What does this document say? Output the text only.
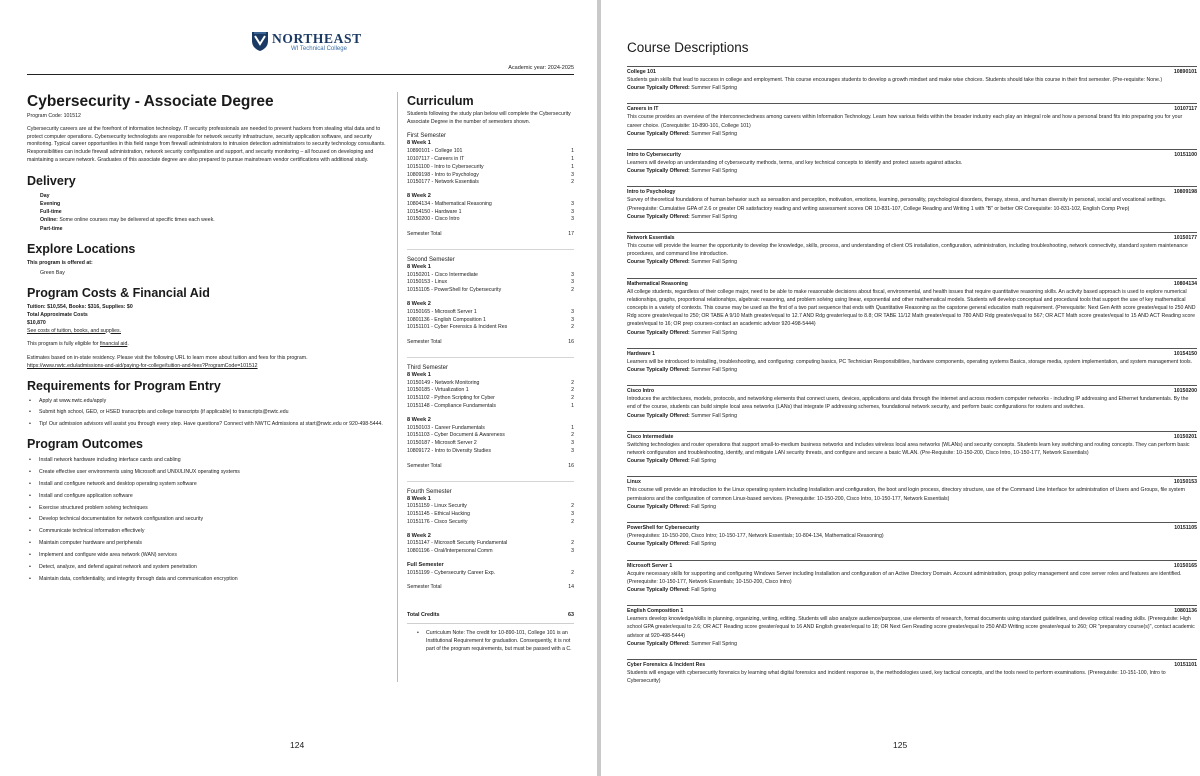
NORTHEAST
WI Technical College
Academic year: 2024-2025
Cybersecurity - Associate Degree

Program Code: 101512

Cybersecurity careers are at the forefront of information technology. IT security professionals are needed to prevent hackers from stealing vital data and to protect computer operations. Cybersecurity technologists are responsible for network security infrastructure, security application software, and security monitoring. Typical career opportunities in this field range from firewall administrators to intrusion detection administrators to security technology consultants. Responsibilities can include firewall administration, network security configuration and support, and security monitoring – all focused on developing and maintaining a secure network. Graduates of this associate degree are also prepared to pursue mainstream vendor certifications with additional study.

Delivery
Day
Evening
Full-time
Online: Some online courses may be delivered at specific times each week.
Part-time
Explore Locations

This program is offered at:

Green Bay

Program Costs & Financial Aid

Tuition: $10,554, Books: $316, Supplies: $0

Total Approximate Costs

$10,870

See costs of tuition, books, and supplies.

This program is fully eligible for financial aid.

Estimates based on in-state residency. Please visit the following URL to learn more about tuition and fees for this program.

https://www.nwtc.edu/admissions-and-aid/paying-for-college/tuition-and-fees?ProgramCode=101512

Requirements for Program Entry
• Apply at www.nwtc.edu/apply
• Submit high school, GED, or HSED transcripts and college transcripts (if applicable) to transcripts@nwtc.edu
• Tip! Our admission advisors will assist you through every step. Have questions? Connect with NWTC Admissions at start@nwtc.edu or 920-498-5444.
Program Outcomes
• Install network hardware including interface cards and cabling
• Create effective user environments using Microsoft and UNIX/LINUX operating systems
• Install and configure network and desktop operating system software
• Install and configure application software
• Exercise structured problem solving techniques
• Develop technical documentation for network configuration and security
• Communicate technical information effectively
• Maintain computer hardware and peripherals
• Implement and configure wide area network (WAN) services
• Detect, analyze, and defend against network and system penetration
• Maintain data, confidentiality, and integrity through data and communication encryption
Curriculum

Students following the study plan below will complete the Cybersecurity Associate Degree in the number of semesters shown.

First Semester
8 Week 1
10890101 - College 101	1
10107117 - Careers in IT	1
10151100 - Intro to Cybersecurity	1
10809198 - Intro to Psychology	3
10150177 - Network Essentials	2
8 Week 2
10804134 - Mathematical Reasoning	3
10154150 - Hardware 1	3
10150200 - Cisco Intro	3
Semester Total	17
Second Semester
8 Week 1
10150201 - Cisco Intermediate	3
10150153 - Linux	3
10151105 - PowerShell for Cybersecurity	2
8 Week 2
10150165 - Microsoft Server 1	3
10801136 - English Composition 1	3
10151101 - Cyber Forensics & Incident Res	2
Semester Total	16
Third Semester
8 Week 1
10150149 - Network Monitoring	2
10150185 - Virtualization 1	2
10151102 - Python Scripting for Cyber	2
10151148 - Compliance Fundamentals	1
8 Week 2
10150103 - Career Fundamentals	1
10151103 - Cyber Document & Awareness	2
10150187 - Microsoft Server 2	3
10809172 - Intro to Diversity Studies	3
Semester Total	16
Fourth Semester
8 Week 1
10151159 - Linux Security	2
10151145 - Ethical Hacking	3
10151176 - Cisco Security	2
8 Week 2
10151147 - Microsoft Security Fundamental	2
10801196 - Oral/Interpersonal Comm	3
Full Semester
10151199 - Cybersecurity Career Exp.	2
Semester Total	14
Total Credits	63
• Curriculum Note: The credit for 10-890-101, College 101 is an Institutional Requirement for graduation. Consequently, it is not part of the program requirements, but must be passed with a C.
124
Course Descriptions
College 101	10890101

Students gain skills that lead to success in college and employment. This course encourages students to develop a growth mindset and make wise choices. Students should take this course in their first semester. (Pre-requisite: None.)

Course Typically Offered: Summer Fall Spring
Careers in IT	10107117

This course provides an overview of the interconnectedness among careers within Information Technology. Learn how various fields within the broader industry each play an integral role and how a personal brand fits into preparing you for your career choice. (Corequisite: 10-890-101, College 101)

Course Typically Offered: Summer Fall Spring
Intro to Cybersecurity	10151100

Learners will develop an understanding of cybersecurity methods, terms, and key technical concepts to identify and protect assets against attacks.

Course Typically Offered: Summer Fall Spring
Intro to Psychology	10809198

Survey of theoretical foundations of human behavior such as sensation and perception, motivation, emotions, learning, personality, psychological disorders, therapy, stress, and human diversity in personal, social and vocational settings. (Prerequisite: Cumulative GPA of 2.6 or greater OR satisfactory reading and writing assessment scores OR 10-831-107, College Reading and Writing 1 with "B" or better OR Corequisite: 10-831-102, English Comp Prep)

Course Typically Offered: Summer Fall Spring
Network Essentials	10150177

This course will provide the learner the opportunity to develop the knowledge, skills, process, and understanding of client OS installation, configuration, administration, including troubleshooting, network connectivity, standard system maintenance procedures, and command line introduction.

Course Typically Offered: Summer Fall Spring
Mathematical Reasoning	10804134

All college students, regardless of their college major, need to be able to make reasonable decisions about fiscal, environmental, and health issues that require quantitative reasoning skills. An activity based approach is used to explore numerical relationships, graphs, proportional relationships, algebraic reasoning, and problem solving using linear, exponential and other mathematical models. Students will develop conceptual and procedural tools that support the use of key mathematical concepts in a variety of contexts. This course may be used as the first of a two part sequence that ends with Quantitative Reasoning as the capstone general education math requirement. (Prerequisite: Next Gen Arith score greater/equal to 250 AND Rdg score greater/equal to 250; OR TABE A 9/10 Math greater/equal to 12.7 AND Rdg greater/equal to 8.8; OR TABE 11/12 Math greater/equal to 780 AND Rdg greater/equal to 567; OR ACT Math score greater/equal to 15 AND ACT Reading score greater/equal to 16; OR prep courses-contact an academic advisor 920-498-5444)

Course Typically Offered: Summer Fall Spring
Hardware 1	10154150

Learners will be introduced to installing, troubleshooting, and configuring: computing basics, PC Technician Responsibilities, hardware components, operating systems Basics, storage media, system implementation, and system management tools.

Course Typically Offered: Summer Fall Spring
Cisco Intro	10150200

Introduces the architectures, models, protocols, and networking elements that connect users, devices, applications and data through the internet and across modern computer networks - including IP addressing and Ethernet fundamentals. By the end of the course, students can build simple local area networks (LANs) that integrate IP addressing schemes, foundational network security, and perform basic configurations for routers and switches.

Course Typically Offered: Summer Fall Spring
Cisco Intermediate	10150201

Switching technologies and router operations that support small-to-medium business networks and includes wireless local area networks (WLANs) and security concepts. Students learn key switching and routing concepts. They can perform basic network configuration and troubleshooting, identify, and mitigate LAN security threats, and configure and secure a basic WLAN. (Pre-Requisite: 10-150-200, Cisco Intro, 10-150-177, Network Essentials)

Course Typically Offered: Fall Spring
Linux	10150153

This course will provide an introduction to the Linux operating system including Installation and configuration, the boot and login process, directory structure, use of the Command Line Interface for administration of Users and Groups, file system permissions and the configuration of common Linux-based services. (Prerequisite: 10-150-200, Cisco Intro, 10-150-177, Network Essentials)

Course Typically Offered: Fall Spring
PowerShell for Cybersecurity	10151105

(Prerequisites: 10-150-200, Cisco Intro; 10-150-177, Network Essentials; 10-804-134, Mathematical Reasoning)

Course Typically Offered: Fall Spring
Microsoft Server 1	10150165

Acquire necessary skills for supporting and configuring Windows Server including Installation and configuration of an Active Directory Domain. Account administration, group policy management and core server roles and features are identified. (Prerequisite: 10-150-177, Network Essentials; 10-150-200, Cisco Intro)

Course Typically Offered: Fall Spring
English Composition 1	10801136

Learners develop knowledge/skills in planning, organizing, writing, editing. Students will also analyze audience/purpose, use elements of research, format documents using standard guidelines, and develop critical reading skills. (Prerequisite: High school GPA greater/equal to 2.6; OR ACT Reading score greater/equal to 16 AND English greater/equal to 18; OR Next Gen Reading score greater/equal to 250 AND Writing score greater/equal to 260; OR "preparatory course(s)", contact academic advisor at 920-498-5444)

Course Typically Offered: Summer Fall Spring
Cyber Forensics & Incident Res	10151101

Students will engage with cybersecurity forensics by learning what digital forensics and incident response is, the methodologies used, key tactical concepts, and the tools need to perform examinations. (Prerequisite: 10-151-100, Intro to Cybersecurity)

125
